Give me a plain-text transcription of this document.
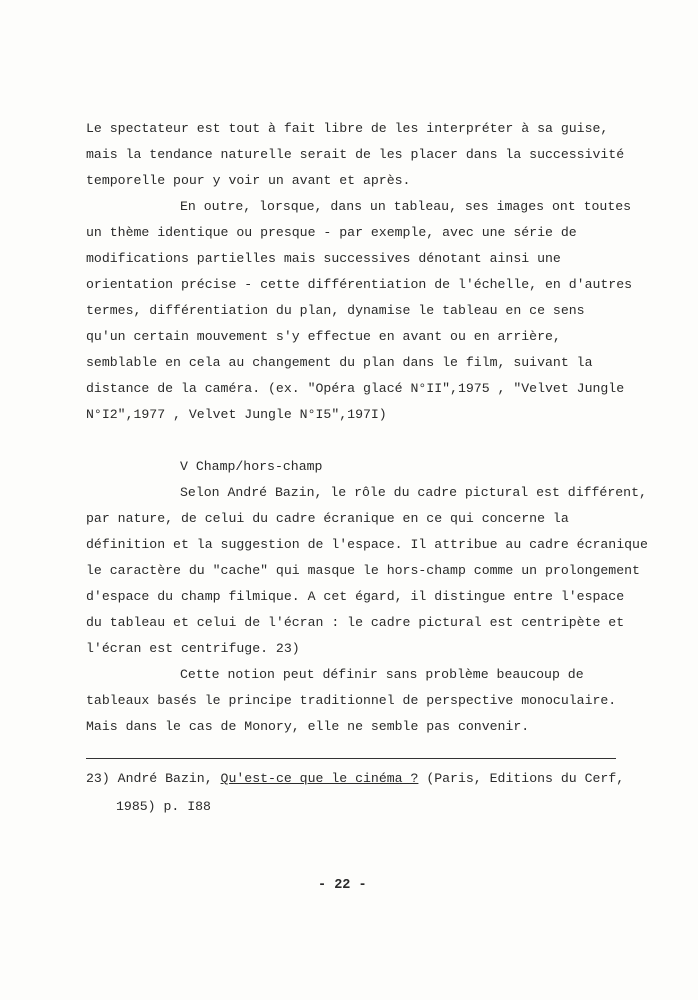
Le spectateur est tout à fait libre de les interpréter à sa guise,
mais la tendance naturelle serait de les placer dans la successivité
temporelle pour y voir un avant et après.
En outre, lorsque, dans un tableau, ses images ont toutes
un thème identique ou presque - par exemple, avec une série de
modifications partielles mais successives dénotant ainsi une
orientation précise - cette différentiation de l'échelle, en d'autres
termes, différentiation du plan, dynamise le tableau en ce sens
qu'un certain mouvement s'y effectue en avant ou en arrière,
semblable en cela au changement du plan dans le film, suivant la
distance de la caméra. (ex. "Opéra glacé N°II",1975 , "Velvet Jungle
N°I2",1977 , Velvet Jungle N°I5",197I)
V Champ/hors-champ
Selon André Bazin, le rôle du cadre pictural est différent,
par nature, de celui du cadre écranique en ce qui concerne la
définition et la suggestion de l'espace. Il attribue au cadre écranique
le caractère du "cache" qui masque le hors-champ comme un prolongement
d'espace du champ filmique. A cet égard, il distingue entre l'espace
du tableau et celui de l'écran : le cadre pictural est centripète et
l'écran est centrifuge. 23)
Cette notion peut définir sans problème beaucoup de
tableaux basés le principe traditionnel de perspective monoculaire.
Mais dans le cas de Monory, elle ne semble pas convenir.
23) André Bazin, Qu'est-ce que le cinéma ? (Paris, Editions du Cerf,
1985) p. I88
- 22 -
